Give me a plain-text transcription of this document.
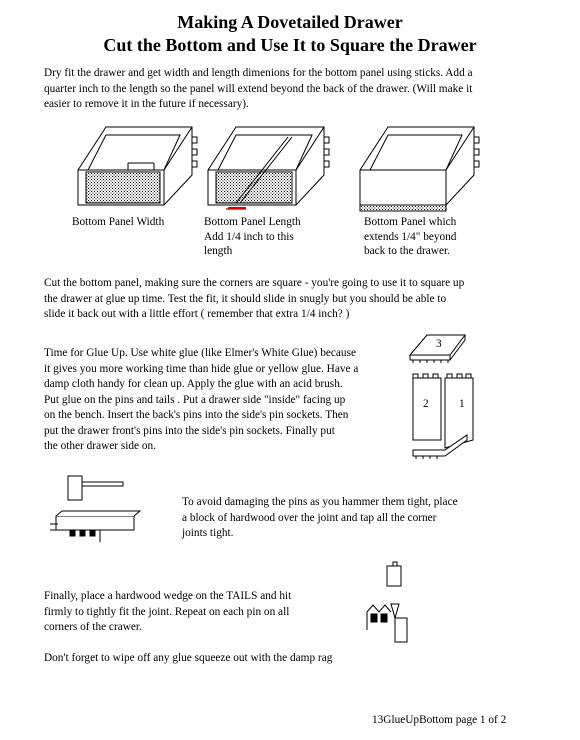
Making A Dovetailed Drawer
Cut the Bottom and Use It to Square the Drawer
Dry fit the drawer and get width and length dimenions for the bottom panel using sticks. Add a
quarter inch to the length so the panel will extend beyond the back of the drawer. (Will make it
easier to remove it in the future if necessary).
Bottom Panel Width	Bottom Panel Length
Add 1/4 inch to this
length
Bottom Panel which
extends 1/4" beyond
back to the drawer.
Cut the bottom panel, making sure the corners are square - you're going to use it to square up
the drawer at glue up time. Test the fit, it should slide in snugly but you should be able to
slide it back out with a little effort ( remember that extra 1/4 inch? )
Time for Glue Up. Use white glue (like Elmer's White Glue) because
it gives you more working time than hide glue or yellow glue. Have a
damp cloth handy for clean up. Apply the glue with an acid brush.
Put glue on the pins and tails . Put a drawer side "inside" facing up
on the bench. Insert the back's pins into the side's pin sockets. Then
put the drawer front's pins into the side's pin sockets. Finally put
the other drawer side on.
3
2	1
To avoid damaging the pins as you hammer them tight, place
a block of hardwood over the joint and tap all the corner
joints tight.
Finally, place a hardwood wedge on the TAILS and hit
firmly to tightly fit the joint. Repeat on each pin on all
corners of the crawer.
Don't forget to wipe off any glue squeeze out with the damp rag
13GlueUpBottom page 1 of 2
